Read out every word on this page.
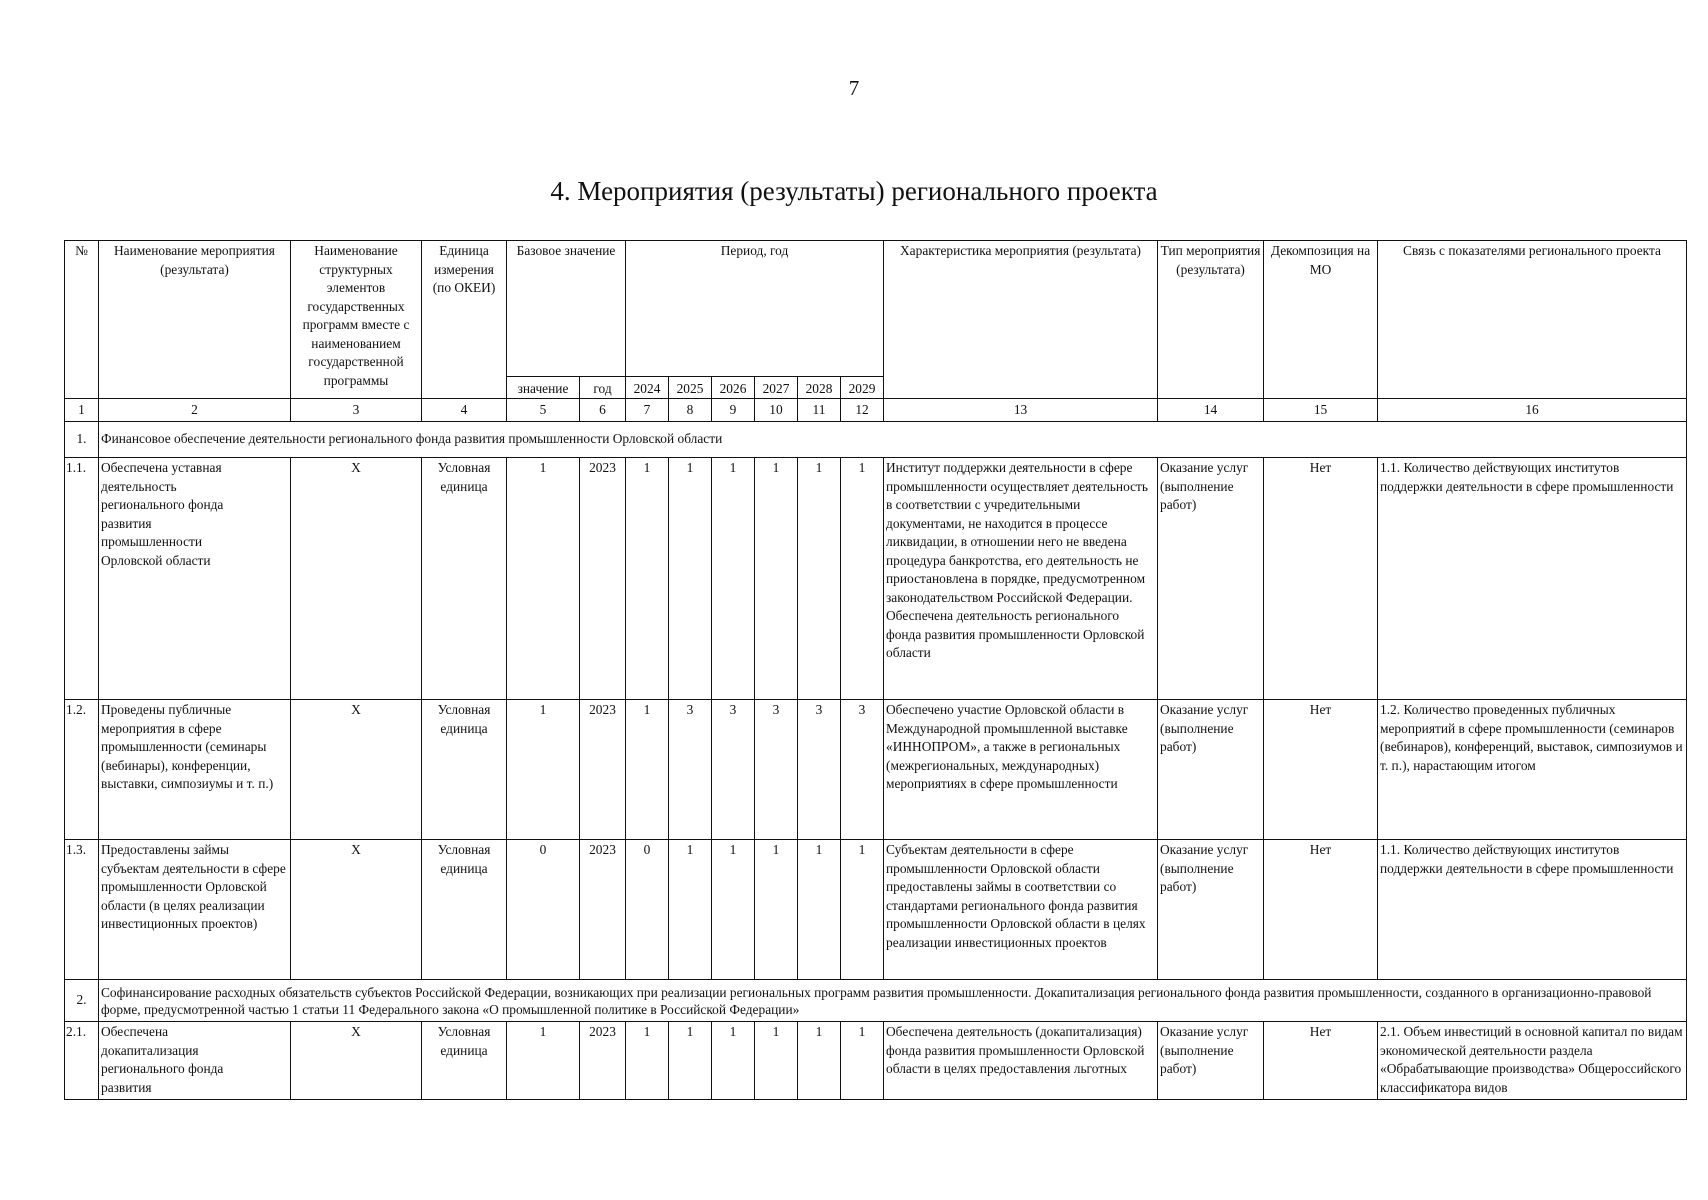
7
4. Мероприятия (результаты) регионального проекта
№	Наименование мероприятия (результата)	Наименование структурных элементов государственных программ вместе с наименованием государственной программы	Единица измерения (по ОКЕИ)	Базовое значение		Период, год						Характеристика мероприятия (результата)	Тип мероприятия (результата)	Декомпозиция на МО	Связь с показателями регионального проекта
				значение	год	2024	2025	2026	2027	2028	2029				
1	2	3	4	5	6	7	8	9	10	11	12	13	14	15	16
1.	Финансовое обеспечение деятельности регионального фонда развития промышленности Орловской области														
1.1.	Обеспечена уставная деятельность регионального фонда развития промышленности Орловской области	Х	Условная единица	1	2023	1	1	1	1	1	1	Институт поддержки деятельности в сфере промышленности осуществляет деятельность в соответствии с учредительными документами, не находится в процессе ликвидации, в отношении него не введена процедура банкротства, его деятельность не приостановлена в порядке, предусмотренном законодательством Российской Федерации. Обеспечена деятельность регионального фонда развития промышленности Орловской области	Оказание услуг (выполнение работ)	Нет	1.1. Количество действующих институтов поддержки деятельности в сфере промышленности
1.2.	Проведены публичные мероприятия в сфере промышленности (семинары (вебинары), конференции, выставки, симпозиумы и т. п.)	Х	Условная единица	1	2023	1	3	3	3	3	3	Обеспечено участие Орловской области в Международной промышленной выставке «ИННОПРОМ», а также в региональных (межрегиональных, международных) мероприятиях в сфере промышленности	Оказание услуг (выполнение работ)	Нет	1.2. Количество проведенных публичных мероприятий в сфере промышленности (семинаров (вебинаров), конференций, выставок, симпозиумов и т. п.), нарастающим итогом
1.3.	Предоставлены займы субъектам деятельности в сфере промышленности Орловской области (в целях реализации инвестиционных проектов)	Х	Условная единица	0	2023	0	1	1	1	1	1	Субъектам деятельности в сфере промышленности Орловской области предоставлены займы в соответствии со стандартами регионального фонда развития промышленности Орловской области в целях реализации инвестиционных проектов	Оказание услуг (выполнение работ)	Нет	1.1. Количество действующих институтов поддержки деятельности в сфере промышленности
2.	Софинансирование расходных обязательств субъектов Российской Федерации, возникающих при реализации региональных программ развития промышленности. Докапитализация регионального фонда развития промышленности, созданного в организационно-правовой форме, предусмотренной частью 1 статьи 11 Федерального закона «О промышленной политике в Российской Федерации»														
2.1.	Обеспечена докапитализация регионального фонда развития	Х	Условная единица	1	2023	1	1	1	1	1	1	Обеспечена деятельность (докапитализация) фонда развития промышленности Орловской области в целях предоставления льготных	Оказание услуг (выполнение работ)	Нет	2.1. Объем инвестиций в основной капитал по видам экономической деятельности раздела «Обрабатывающие производства» Общероссийского классификатора видов
